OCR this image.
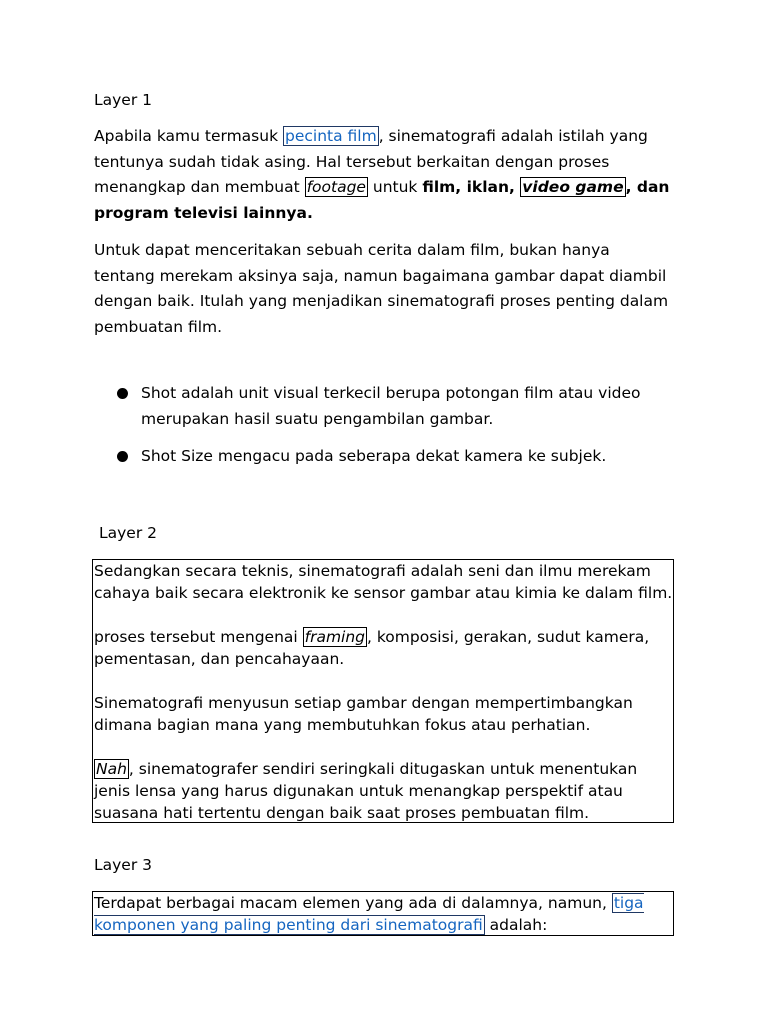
Layer 1

Apabila kamu termasuk pecinta film , sinematografi adalah istilah yang tentunya sudah tidak asing. Hal tersebut berkaitan dengan proses menangkap dan membuat footage untuk film, iklan, video game , dan program televisi lainnya.

Untuk dapat menceritakan sebuah cerita dalam film, bukan hanya tentang merekam aksinya saja, namun bagaimana gambar dapat diambil dengan baik. Itulah yang menjadikan sinematografi proses penting dalam pembuatan film.

Shot adalah unit visual terkecil berupa potongan film atau video merupakan hasil suatu pengambilan gambar.
Shot Size mengacu pada seberapa dekat kamera ke subjek.
Layer 2

Sedangkan secara teknis, sinematografi adalah seni dan ilmu merekam cahaya baik secara elektronik ke sensor gambar atau kimia ke dalam film.

proses tersebut mengenai framing , komposisi, gerakan, sudut kamera, pementasan, dan pencahayaan.

Sinematografi menyusun setiap gambar dengan mempertimbangkan dimana bagian mana yang membutuhkan fokus atau perhatian.

Nah , sinematografer sendiri seringkali ditugaskan untuk menentukan jenis lensa yang harus digunakan untuk menangkap perspektif atau suasana hati tertentu dengan baik saat proses pembuatan film.

Layer 3

Terdapat berbagai macam elemen yang ada di dalamnya, namun, tiga komponen yang paling penting dari sinematografi adalah:
